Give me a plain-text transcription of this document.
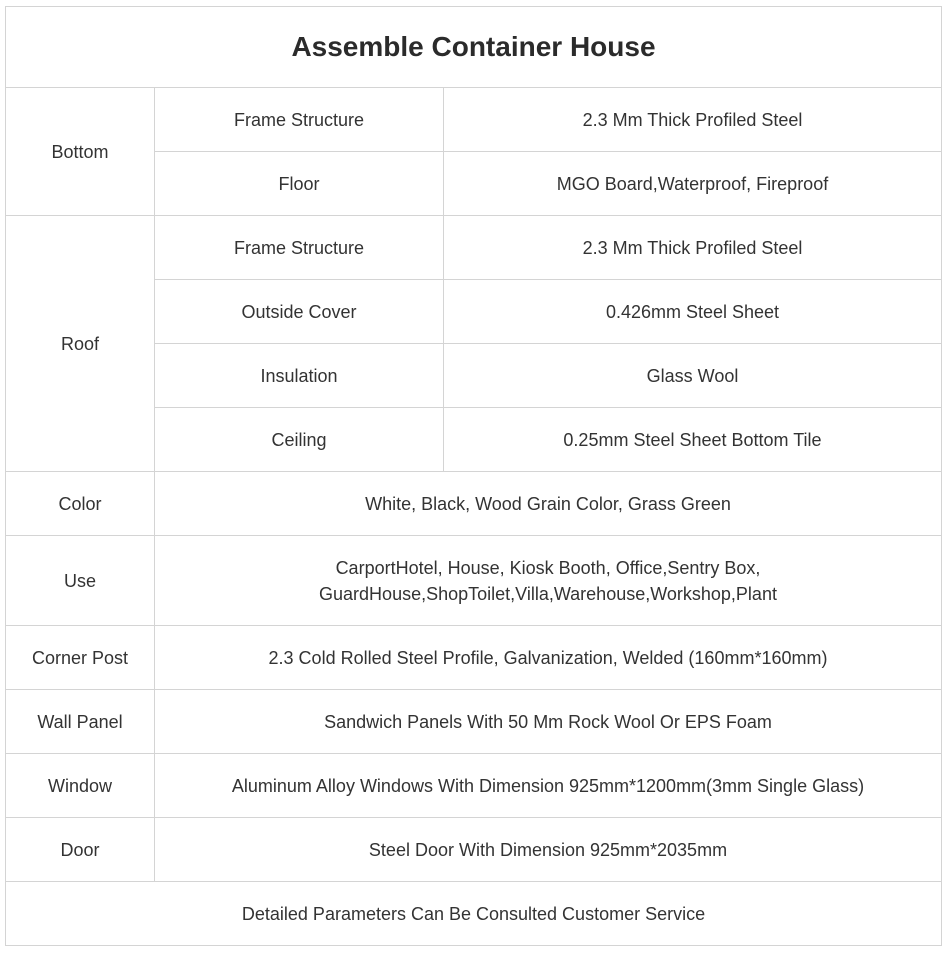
Assemble Container House		
Bottom	Frame Structure	2.3 Mm Thick Profiled Steel
	Floor	MGO Board,Waterproof, Fireproof
Roof	Frame Structure	2.3 Mm Thick Profiled Steel
	Outside Cover	0.426mm Steel Sheet
	Insulation	Glass Wool
	Ceiling	0.25mm Steel Sheet Bottom Tile
Color	White, Black, Wood Grain Color, Grass Green	
Use	CarportHotel, House, Kiosk Booth, Office,Sentry Box,
GuardHouse,ShopToilet,Villa,Warehouse,Workshop,Plant	

Corner Post	2.3 Cold Rolled Steel Profile, Galvanization, Welded (160mm*160mm)	
Wall Panel	Sandwich Panels With 50 Mm Rock Wool Or EPS Foam	
Window	Aluminum Alloy Windows With Dimension 925mm*1200mm(3mm Single Glass)	
Door	Steel Door With Dimension 925mm*2035mm	
Detailed Parameters Can Be Consulted Customer Service		
